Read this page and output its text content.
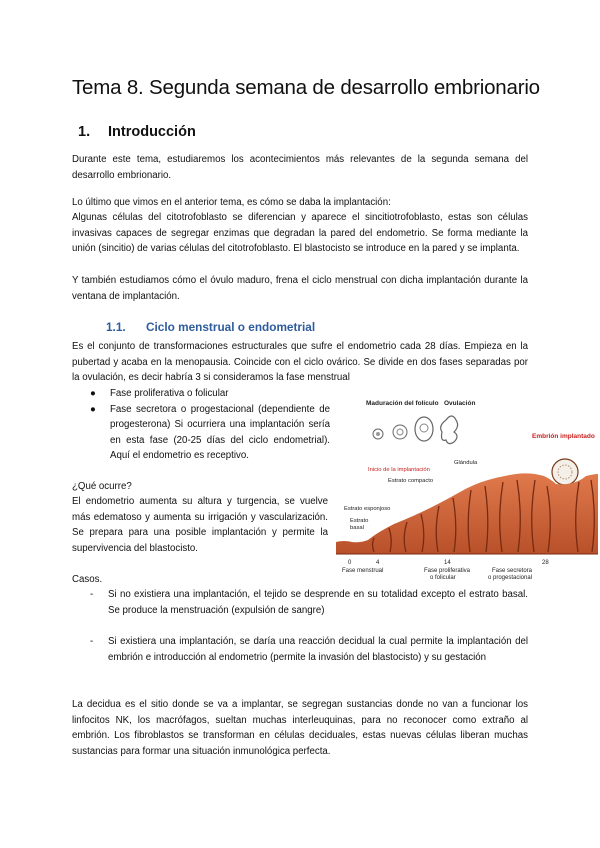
Tema 8. Segunda semana de desarrollo embrionario
1. Introducción

Durante este tema, estudiaremos los acontecimientos más relevantes de la segunda semana del desarrollo embrionario.

Lo último que vimos en el anterior tema, es cómo se daba la implantación:

Algunas células del citotrofoblasto se diferencian y aparece el sincitiotrofoblasto, estas son células invasivas capaces de segregar enzimas que degradan la pared del endometrio. Se forma mediante la unión (sincitio) de varias células del citotrofoblasto. El blastocisto se introduce en la pared y se implanta.

Y también estudiamos cómo el óvulo maduro, frena el ciclo menstrual con dicha implantación durante la ventana de implantación.

1.1. Ciclo menstrual o endometrial

Es el conjunto de transformaciones estructurales que sufre el endometrio cada 28 días. Empieza en la pubertad y acaba en la menopausia. Coincide con el ciclo ovárico. Se divide en dos fases separadas por la ovulación, es decir habría 3 si consideramos la fase menstrual

● Fase proliferativa o folicular
● Fase secretora o progestacional (dependiente de progesterona) Si ocurriera una implantación sería en esta fase (20-25 días del ciclo endometrial). Aquí el endometrio es receptivo.

¿Qué ocurre?

El endometrio aumenta su altura y turgencia, se vuelve más edematoso y aumenta su irrigación y vascularización. Se prepara para una posible implantación y permite la supervivencia del blastocisto.

Casos.

- Si no existiera una implantación, el tejido se desprende en su totalidad excepto el estrato basal. Se produce la menstruación (expulsión de sangre)

- Si existiera una implantación, se daría una reacción decidual la cual permite la implantación del embrión e introducción al endometrio (permite la invasión del blastocisto) y su gestación

La decidua es el sitio donde se va a implantar, se segregan sustancias donde no van a funcionar los linfocitos NK, los macrófagos, sueltan muchas interleuquinas, para no reconocer como extraño al embrión. Los fibroblastos se transforman en células deciduales, estas nuevas células liberan muchas sustancias para formar una situación inmunológica perfecta.

Maduración del folículo Ovulación
Embrión implantado
Inicio de la implantación
Glándula
Estrato compacto
Estrato esponjoso
Estrato
basal
0	4	14	28
Fase menstrual	Fase proliferativa
o folicular
Fase secretora
o progestacional
